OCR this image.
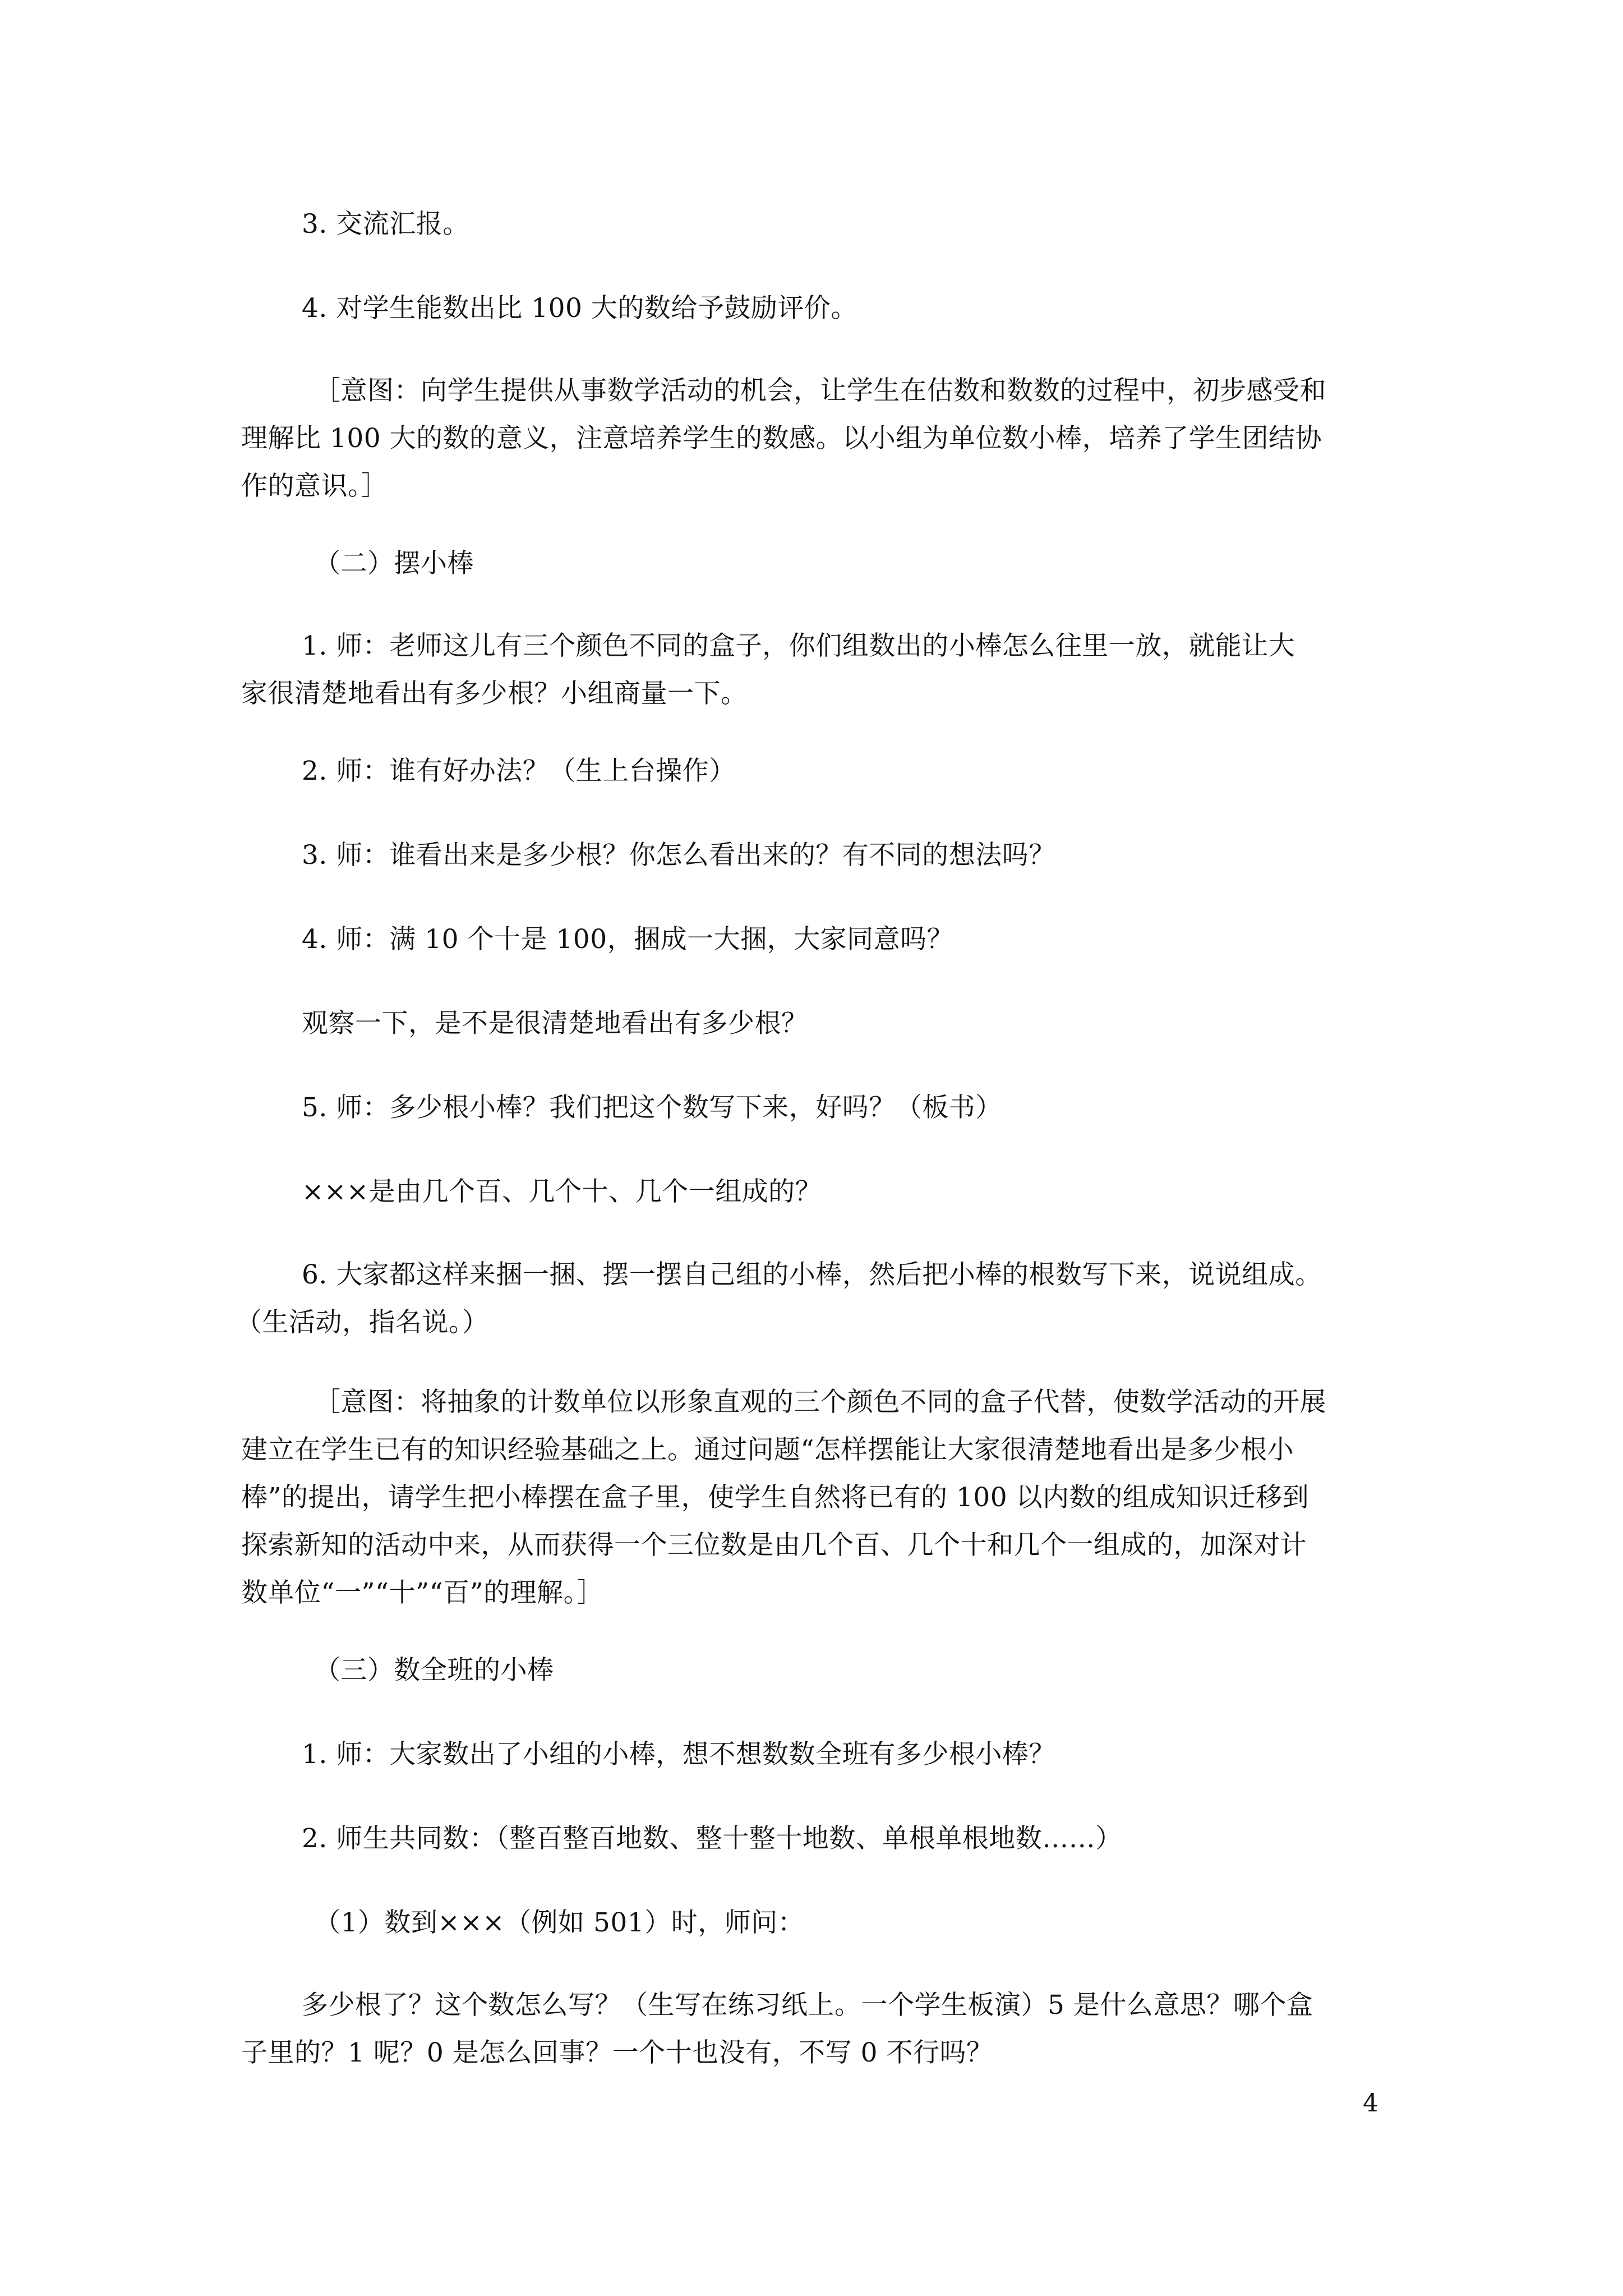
3. 交流汇报。
4. 对学生能数出比 100 大的数给予鼓励评价。
［意图：向学生提供从事数学活动的机会，让学生在估数和数数的过程中，初步感受和
理解比 100 大的数的意义，注意培养学生的数感。以小组为单位数小棒，培养了学生团结协
作的意识。］
（二）摆小棒
1. 师：老师这儿有三个颜色不同的盒子，你们组数出的小棒怎么往里一放，就能让大
家很清楚地看出有多少根？小组商量一下。
2. 师：谁有好办法？（生上台操作）
3. 师：谁看出来是多少根？你怎么看出来的？有不同的想法吗？
4. 师：满 10 个十是 100，捆成一大捆，大家同意吗？
观察一下，是不是很清楚地看出有多少根？
5. 师：多少根小棒？我们把这个数写下来，好吗？（板书）
×××是由几个百、几个十、几个一组成的？
6. 大家都这样来捆一捆、摆一摆自己组的小棒，然后把小棒的根数写下来，说说组成。
（生活动，指名说。）
［意图：将抽象的计数单位以形象直观的三个颜色不同的盒子代替，使数学活动的开展
建立在学生已有的知识经验基础之上。通过问题“怎样摆能让大家很清楚地看出是多少根小
棒”的提出，请学生把小棒摆在盒子里，使学生自然将已有的 100 以内数的组成知识迁移到
探索新知的活动中来，从而获得一个三位数是由几个百、几个十和几个一组成的，加深对计
数单位“一”“十”“百”的理解。］
（三）数全班的小棒
1. 师：大家数出了小组的小棒，想不想数数全班有多少根小棒？
2. 师生共同数：（整百整百地数、整十整十地数、单根单根地数……）
（1）数到×××（例如 501）时，师问：
多少根了？这个数怎么写？（生写在练习纸上。一个学生板演）5 是什么意思？哪个盒
子里的？1 呢？0 是怎么回事？一个十也没有，不写 0 不行吗？
4
